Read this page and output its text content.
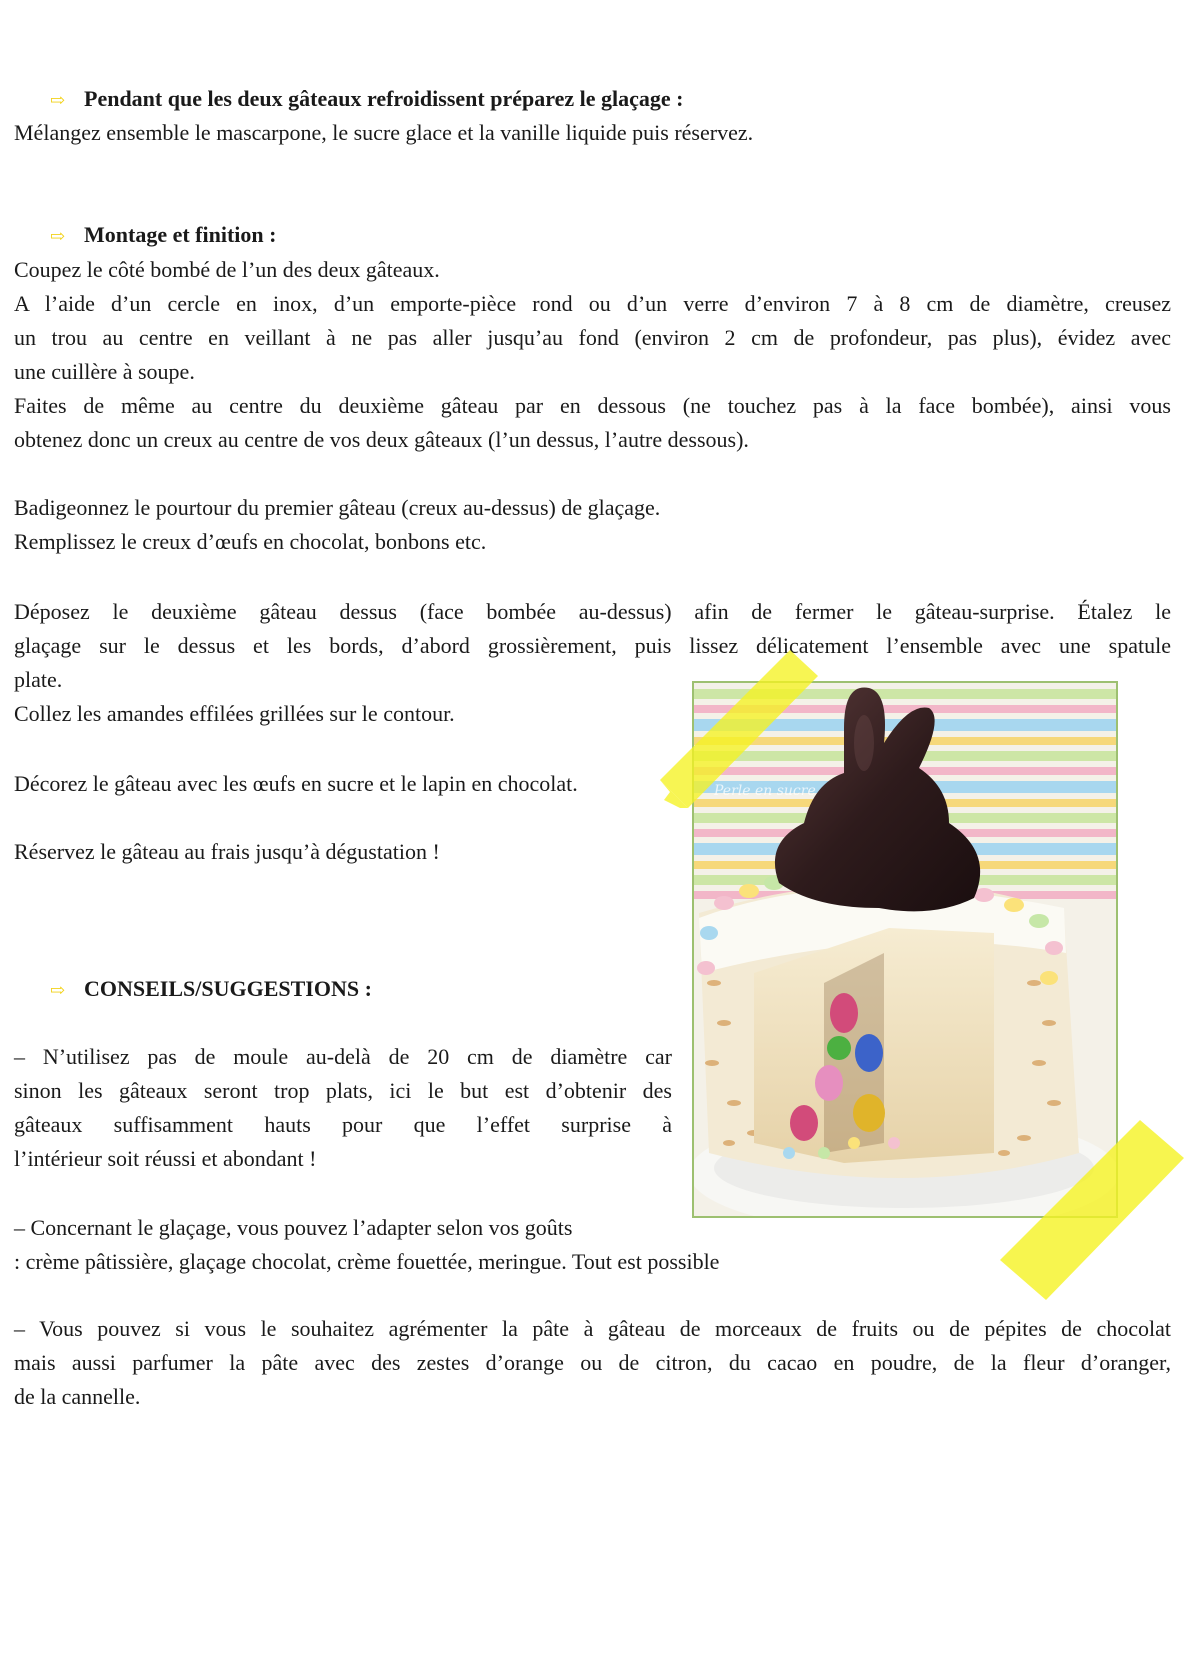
⇨ Pendant que les deux gâteaux refroidissent préparez le glaçage :
Mélangez ensemble le mascarpone, le sucre glace et la vanille liquide puis réservez.
⇨ Montage et finition :
Coupez le côté bombé de l’un des deux gâteaux.
A l’aide d’un cercle en inox, d’un emporte-pièce rond ou d’un verre d’environ 7 à 8 cm de diamètre, creusez
un trou au centre en veillant à ne pas aller jusqu’au fond (environ 2 cm de profondeur, pas plus), évidez avec
une cuillère à soupe.
Faites de même au centre du deuxième gâteau par en dessous (ne touchez pas à la face bombée), ainsi vous
obtenez donc un creux au centre de vos deux gâteaux (l’un dessus, l’autre dessous).
Badigeonnez le pourtour du premier gâteau (creux au-dessus) de glaçage.
Remplissez le creux d’œufs en chocolat, bonbons etc.
Déposez le deuxième gâteau dessus (face bombée au-dessus) afin de fermer le gâteau-surprise. Étalez le
glaçage sur le dessus et les bords, d’abord grossièrement, puis lissez délicatement l’ensemble avec une spatule
plate.
Collez les amandes effilées grillées sur le contour.
Décorez le gâteau avec les œufs en sucre et le lapin en chocolat.
Réservez le gâteau au frais jusqu’à dégustation !
Perle en sucre
⇨ CONSEILS/SUGGESTIONS :
– N’utilisez pas de moule au-delà de 20 cm de diamètre car
sinon les gâteaux seront trop plats, ici le but est d’obtenir des
gâteaux suffisamment hauts pour que l’effet surprise à
l’intérieur soit réussi et abondant !
– Concernant le glaçage, vous pouvez l’adapter selon vos goûts
: crème pâtissière, glaçage chocolat, crème fouettée, meringue. Tout est possible
– Vous pouvez si vous le souhaitez agrémenter la pâte à gâteau de morceaux de fruits ou de pépites de chocolat
mais aussi parfumer la pâte avec des zestes d’orange ou de citron, du cacao en poudre, de la fleur d’oranger,
de la cannelle.
